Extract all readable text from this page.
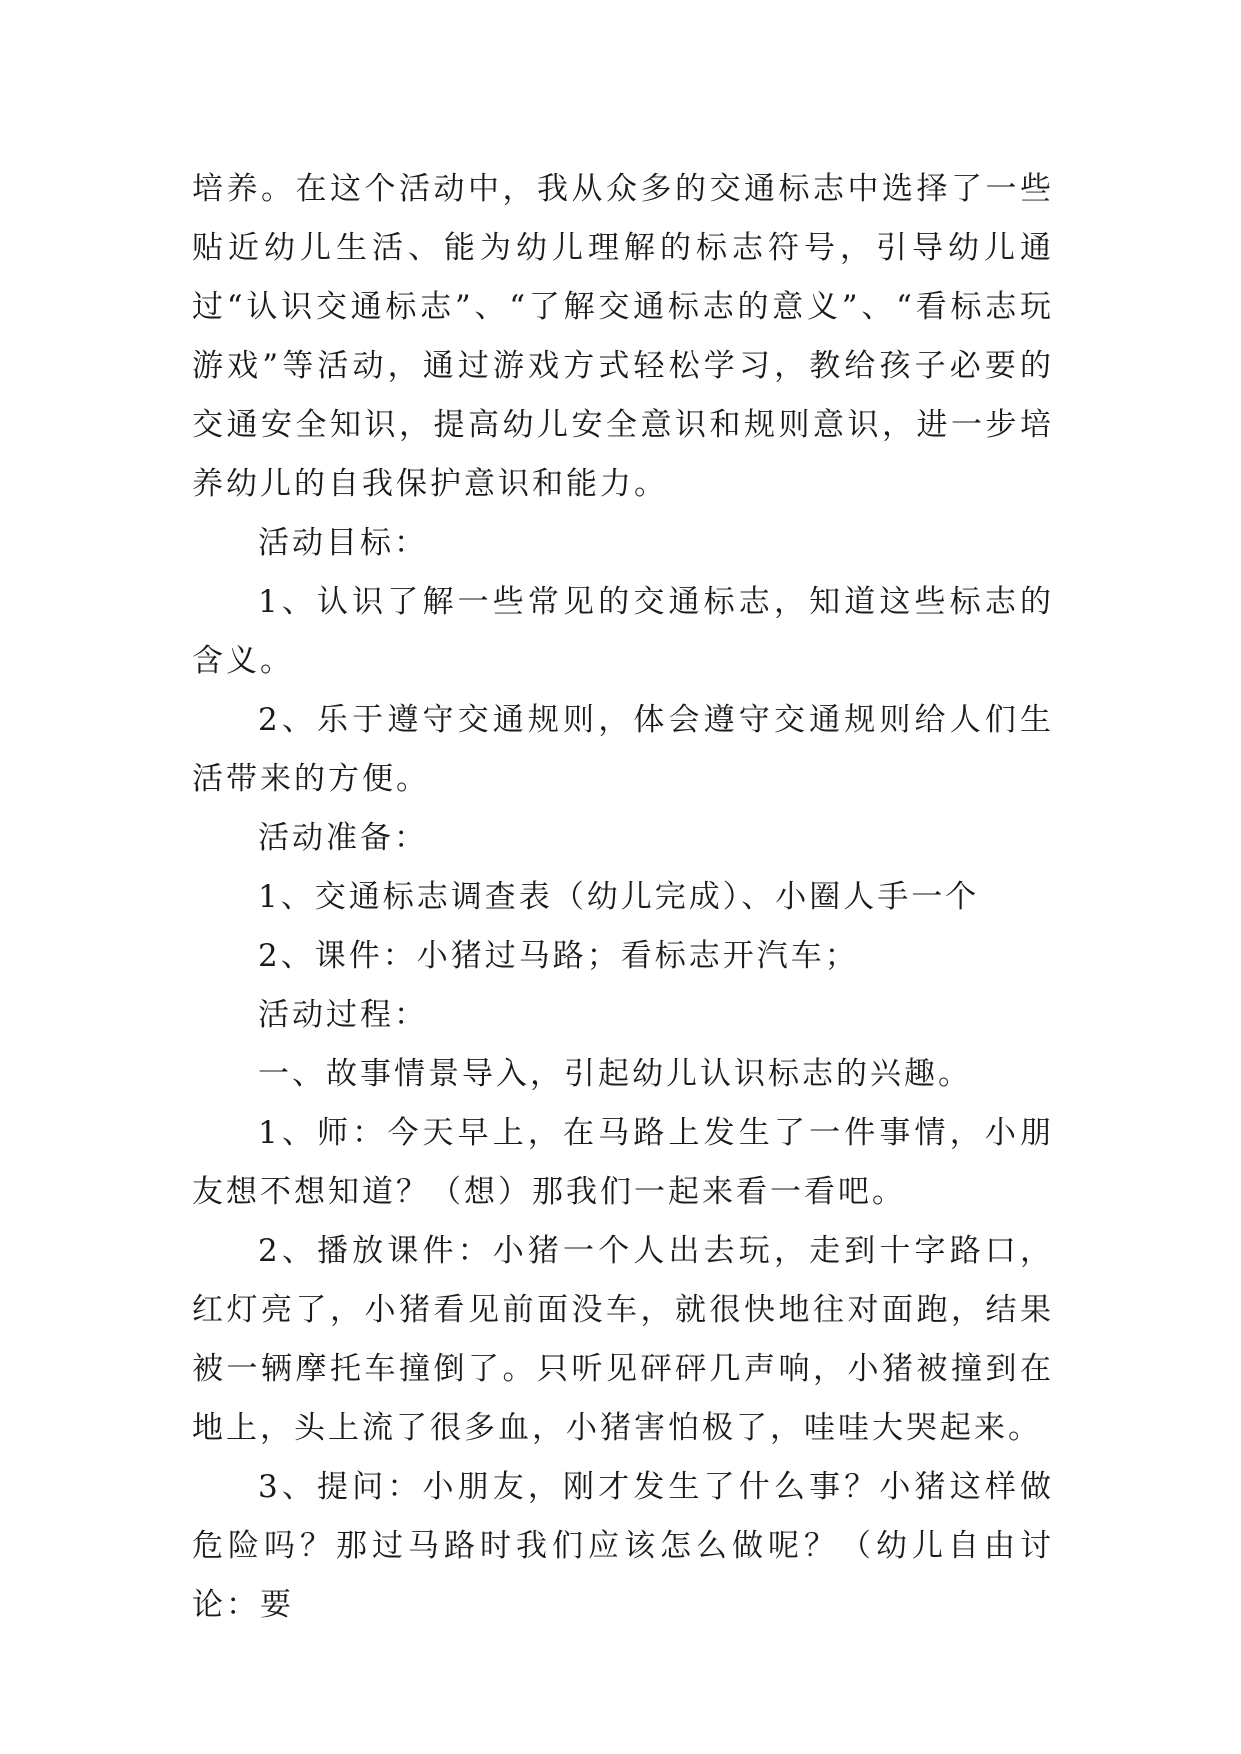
培养。在这个活动中，我从众多的交通标志中选择了一些贴近幼儿生活、能为幼儿理解的标志符号，引导幼儿通过“认识交通标志”、“了解交通标志的意义”、“看标志玩游戏”等活动，通过游戏方式轻松学习，教给孩子必要的交通安全知识，提高幼儿安全意识和规则意识，进一步培养幼儿的自我保护意识和能力。

活动目标：

1、认识了解一些常见的交通标志，知道这些标志的含义。

2、乐于遵守交通规则，体会遵守交通规则给人们生活带来的方便。

活动准备：

1、交通标志调查表（幼儿完成）、小圈人手一个

2、课件：小猪过马路；看标志开汽车；

活动过程：

一、故事情景导入，引起幼儿认识标志的兴趣。

1、师：今天早上，在马路上发生了一件事情，小朋友想不想知道？（想）那我们一起来看一看吧。

2、播放课件：小猪一个人出去玩，走到十字路口，红灯亮了，小猪看见前面没车，就很快地往对面跑，结果被一辆摩托车撞倒了。只听见砰砰几声响，小猪被撞到在地上，头上流了很多血，小猪害怕极了，哇哇大哭起来。

3、提问：小朋友，刚才发生了什么事？小猪这样做危险吗？那过马路时我们应该怎么做呢？（幼儿自由讨论：要
